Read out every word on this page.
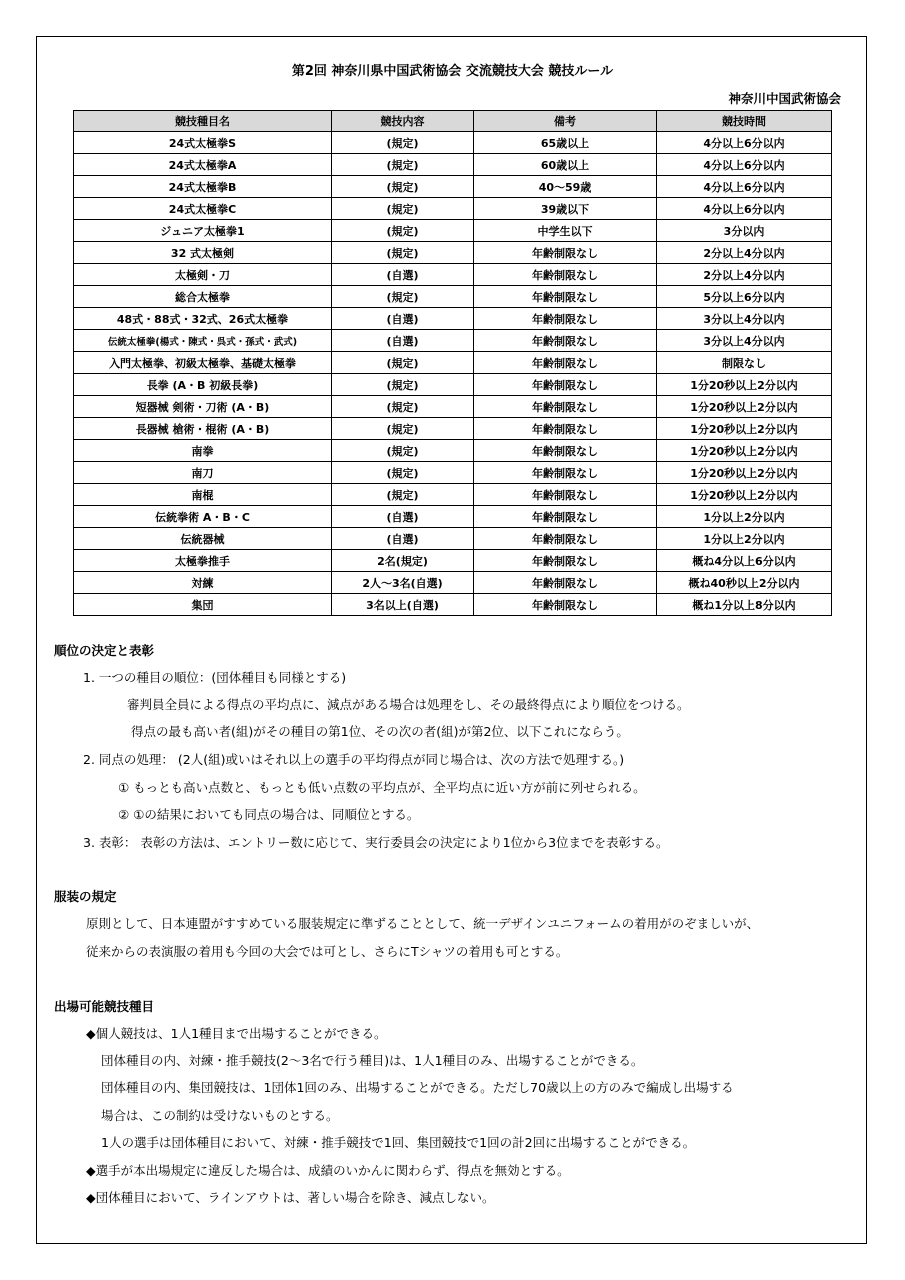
第2回 神奈川県中国武術協会 交流競技大会 競技ルール
神奈川中国武術協会
競技種目名	競技内容	備考	競技時間
24式太極拳S	(規定)	65歳以上	4分以上6分以内
24式太極拳A	(規定)	60歳以上	4分以上6分以内
24式太極拳B	(規定)	40～59歳	4分以上6分以内
24式太極拳C	(規定)	39歳以下	4分以上6分以内
ジュニア太極拳1	(規定)	中学生以下	3分以内
32 式太極剣	(規定)	年齢制限なし	2分以上4分以内
太極剣・刀	(自選)	年齢制限なし	2分以上4分以内
総合太極拳	(規定)	年齢制限なし	5分以上6分以内
48式・88式・32式、26式太極拳	(自選)	年齢制限なし	3分以上4分以内
伝統太極拳(楊式・陳式・呉式・孫式・武式)	(自選)	年齢制限なし	3分以上4分以内
入門太極拳、初級太極拳、基礎太極拳	(規定)	年齢制限なし	制限なし
長拳 (A・B 初級長拳)	(規定)	年齢制限なし	1分20秒以上2分以内
短器械 剣術・刀術 (A・B)	(規定)	年齢制限なし	1分20秒以上2分以内
長器械 槍術・棍術 (A・B)	(規定)	年齢制限なし	1分20秒以上2分以内
南拳	(規定)	年齢制限なし	1分20秒以上2分以内
南刀	(規定)	年齢制限なし	1分20秒以上2分以内
南棍	(規定)	年齢制限なし	1分20秒以上2分以内
伝統拳術 A・B・C	(自選)	年齢制限なし	1分以上2分以内
伝統器械	(自選)	年齢制限なし	1分以上2分以内
太極拳推手	2名(規定)	年齢制限なし	概ね4分以上6分以内
対練	2人～3名(自選)	年齢制限なし	概ね40秒以上2分以内
集団	3名以上(自選)	年齢制限なし	概ね1分以上8分以内
順位の決定と表彰
1. 一つの種目の順位：(団体種目も同様とする)
審判員全員による得点の平均点に、減点がある場合は処理をし、その最終得点により順位をつける。
得点の最も高い者(組)がその種目の第1位、その次の者(組)が第2位、以下これにならう。
2. 同点の処理： (2人(組)或いはそれ以上の選手の平均得点が同じ場合は、次の方法で処理する。)
① もっとも高い点数と、もっとも低い点数の平均点が、全平均点に近い方が前に列せられる。
② ①の結果においても同点の場合は、同順位とする。
3. 表彰： 表彰の方法は、エントリー数に応じて、実行委員会の決定により1位から3位までを表彰する。
服装の規定
原則として、日本連盟がすすめている服装規定に準ずることとして、統一デザインユニフォームの着用がのぞましいが、
従来からの表演服の着用も今回の大会では可とし、さらにTシャツの着用も可とする。
出場可能競技種目
◆個人競技は、1人1種目まで出場することができる。
団体種目の内、対練・推手競技(2～3名で行う種目)は、1人1種目のみ、出場することができる。
団体種目の内、集団競技は、1団体1回のみ、出場することができる。ただし70歳以上の方のみで編成し出場する
場合は、この制約は受けないものとする。
1人の選手は団体種目において、対練・推手競技で1回、集団競技で1回の計2回に出場することができる。
◆選手が本出場規定に違反した場合は、成績のいかんに関わらず、得点を無効とする。
◆団体種目において、ラインアウトは、著しい場合を除き、減点しない。
